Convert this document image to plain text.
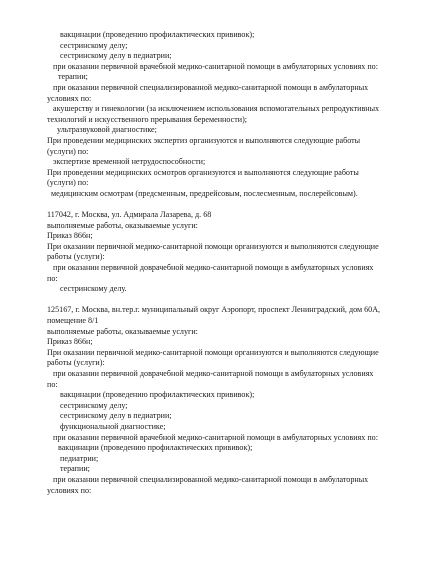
вакцинации (проведению профилактических прививок);
сестринскому делу;
сестринскому делу в педиатрии;
при оказании первичной врачебной медико-санитарной помощи в амбулаторных условиях по:
терапии;
при оказании первичной специализированной медико-санитарной помощи в амбулаторных
условиях по:
акушерству и гинекологии (за исключением использования вспомогательных репродуктивных
технологий и искусственного прерывания беременности);
ультразвуковой диагностике;
При проведении медицинских экспертиз организуются и выполняются следующие работы
(услуги) по:
экспертизе временной нетрудоспособности;
При проведении медицинских осмотров организуются и выполняются следующие работы
(услуги) по:
медицинским осмотрам (предсменным, предрейсовым, послесменным, послерейсовым).
117042, г. Москва, ул. Адмирала Лазарева, д. 68
выполняемые работы, оказываемые услуги:
Приказ 866н;
При оказании первичной медико-санитарной помощи организуются и выполняются следующие
работы (услуги):
при оказании первичной доврачебной медико-санитарной помощи в амбулаторных условиях
по:
сестринскому делу.
125167, г. Москва, вн.тер.г. муниципальный округ Аэропорт, проспект Ленинградский, дом 60А,
помещение 8/1
выполняемые работы, оказываемые услуги:
Приказ 866н;
При оказании первичной медико-санитарной помощи организуются и выполняются следующие
работы (услуги):
при оказании первичной доврачебной медико-санитарной помощи в амбулаторных условиях
по:
вакцинации (проведению профилактических прививок);
сестринскому делу;
сестринскому делу в педиатрии;
функциональной диагностике;
при оказании первичной врачебной медико-санитарной помощи в амбулаторных условиях по:
вакцинации (проведению профилактических прививок);
педиатрии;
терапии;
при оказании первичной специализированной медико-санитарной помощи в амбулаторных
условиях по:
